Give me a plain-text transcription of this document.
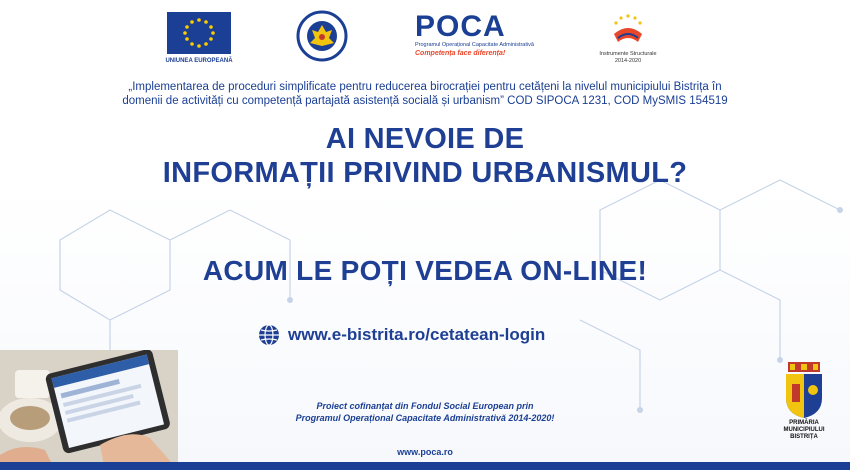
UNIUNEA EUROPEANĂ
POCA
Programul Operațional Capacitate Administrativă
Competența face diferența!	Instrumente Structurale
2014-2020
„Implementarea de proceduri simplificate pentru reducerea birocrației pentru cetățeni la nivelul municipiului Bistrița în
domenii de activități cu competență partajată asistență socială și urbanism” COD SIPOCA 1231, COD MySMIS 154519
AI NEVOIE DE
INFORMAȚII PRIVIND URBANISMUL?
ACUM LE POȚI VEDEA ON-LINE!
www.e-bistrita.ro/cetatean-login
Proiect cofinanțat din Fondul Social European prin
Programul Operațional Capacitate Administrativă 2014-2020!
www.poca.ro
PRIMĂRIA
MUNICIPIULUI
BISTRIȚA
